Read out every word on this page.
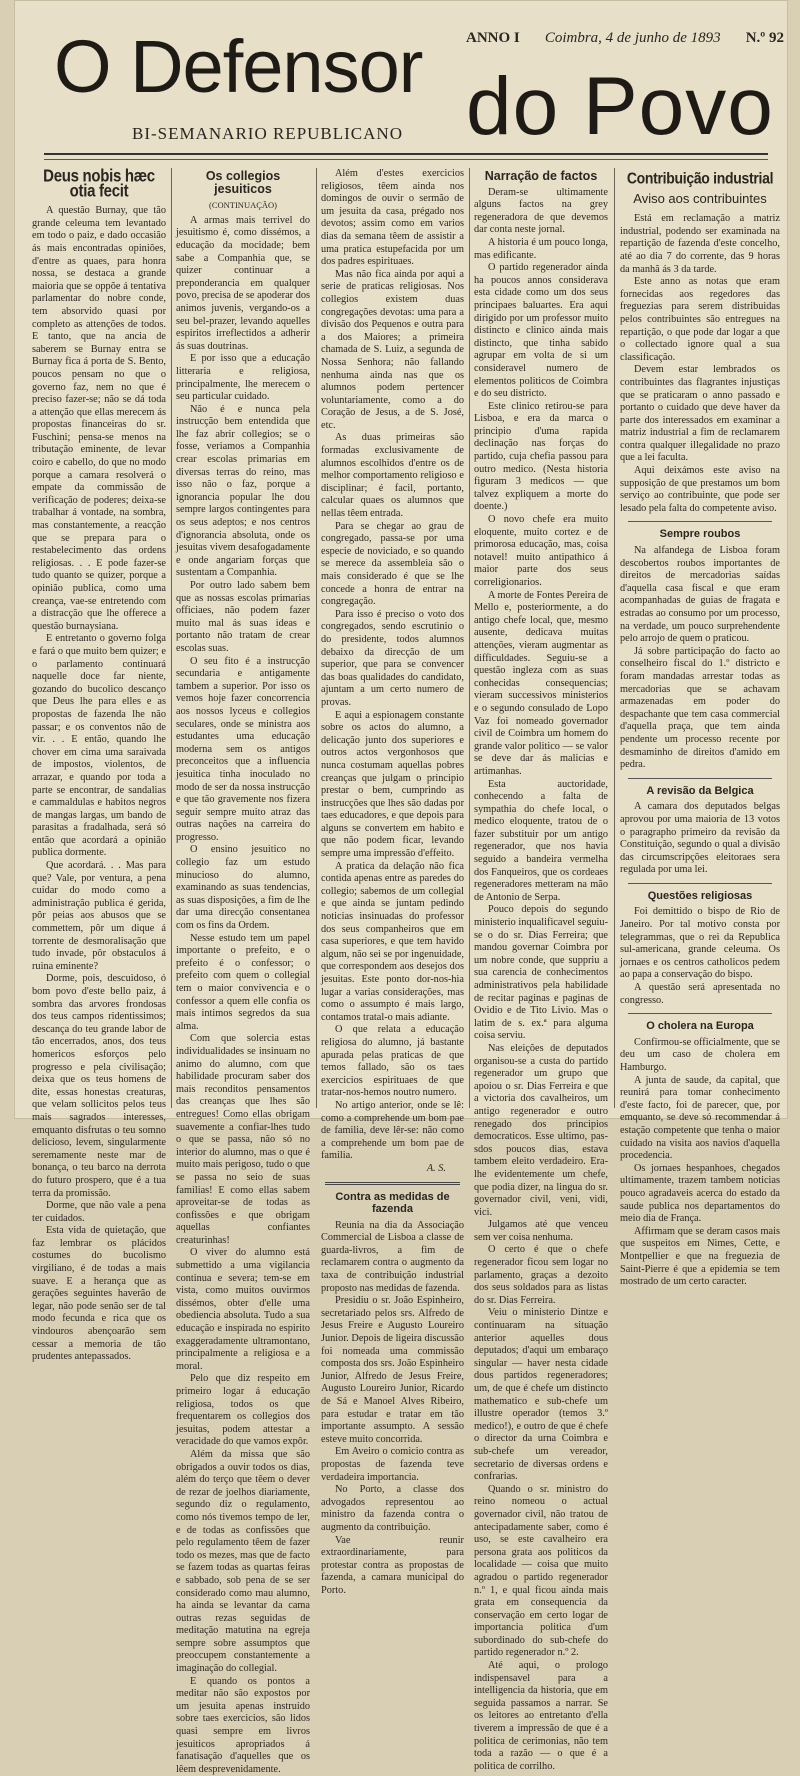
O Defensor do Povo
BI-SEMANARIO REPUBLICANO
ANNO I Coimbra, 4 de junho de 1893 N.º 92
Deus nobis hæc otia fecit

A questão Burnay, que tão grande celeuma tem levantado em todo o paiz, e dado occasião ás mais encontradas opiniões, d'entre as quaes, para honra nossa, se destaca a grande maioria que se oppõe á tentativa parlamentar do nobre conde, tem absorvido quasi por completo as attenções de todos. E tanto, que na ancia de saberem se Burnay entra se Burnay fica á porta de S. Bento, poucos pensam no que o governo faz, nem no que é preciso fazer-se; não se dá toda a attenção que ellas merecem ás propostas financeiras do sr. Fuschini; pensa-se menos na tributação eminente, de levar coiro e cabello, do que no modo porque a camara resolverá o empate da commissão de verificação de poderes; deixa-se trabalhar á vontade, na sombra, mas constantemente, a reacção que se prepara para o restabelecimento das ordens religiosas. . . E pode fazer-se tudo quanto se quizer, porque a opinião publica, como uma creança, vae-se entretendo com a distracção que lhe offerece a questão burnaysiana.

E entretanto o governo folga e fará o que muito bem quizer; e o parlamento continuará naquelle doce far niente, gozando do bucolico descanço que Deus lhe para elles e as propostas de fazenda lhe não passar; e os conventos não de vir. . . E então, quando lhe chover em cima uma saraivada de impostos, violentos, de arrazar, e quando por toda a parte se encontrar, de sandalias e cammaldulas e habitos negros de mangas largas, um bando de parasitas a fradalhada, será só então que acordará a opinião publica dormente.

Que acordará. . . Mas para que? Vale, por ventura, a pena cuidar do modo como a administração publica é gerida, pôr peias aos abusos que se commettem, pôr um dique á torrente de desmoralisação que tudo invade, pôr obstaculos á ruina eminente?

Dorme, pois, descuidoso, ó bom povo d'este bello paiz, á sombra das arvores frondosas dos teus campos ridentissimos; descança do teu grande labor de tão encerrados, anos, dos teus homericos esforços pelo progresso e pela civilisação; deixa que os teus homens de dite, essas honestas creaturas, que velam sollicitos pelos teus mais sagrados interesses, emquanto disfrutas o teu somno delicioso, levem, singularmente seremamente neste mar de bonança, o teu barco na derrota do futuro prospero, que é a tua terra da promissão.

Dorme, que não vale a pena ter cuidados.

Esta vida de quietação, que faz lembrar os plácidos costumes do bucolismo virgiliano, é de todas a mais suave. E a herança que as gerações seguintes haverão de legar, não pode senão ser de tal modo fecunda e rica que os vindouros abençoarão sem cessar a memoria de tão prudentes antepassados.

Os collegios jesuiticos
(CONTINUAÇÃO)

A armas mais terrivel do jesuitismo é, como dissémos, a educação da mocidade; bem sabe a Companhia que, se quizer continuar a preponderancia em qualquer povo, precisa de se apoderar dos animos juvenis, vergando-os a seu bel-prazer, levando aquelles espiritos irreflectidos a adherir ás suas doutrinas.

E por isso que a educação litteraria e religiosa, principalmente, lhe merecem o seu particular cuidado.

Não é e nunca pela instrucção bem entendida que lhe faz abrir collegios; se o fosse, veriamos a Companhia crear escolas primarias em diversas terras do reino, mas isso não o faz, porque a ignorancia popular lhe dou sempre largos contingentes para os seus adeptos; e nos centros d'ignorancia absoluta, onde os jesuitas vivem desafogadamente e onde angariam forças que sustentam a Companhia.

Por outro lado sabem bem que as nossas escolas primarias officiaes, não podem fazer muito mal ás suas ideas e portanto não tratam de crear escolas suas.

O seu fito é a instrucção secundaria e antigamente tambem a superior. Por isso os vemos hoje fazer concorrencia aos nossos lyceus e collegios seculares, onde se ministra aos estudantes uma educação moderna sem os antigos preconceitos que a influencia jesuitica tinha inoculado no modo de ser da nossa instrucção e que tão gravemente nos fizera seguir sempre muito atraz das outras nações na carreira do progresso.

O ensino jesuitico no collegio faz um estudo minucioso do alumno, examinando as suas tendencias, as suas disposições, a fim de lhe dar uma direcção consentanea com os fins da Ordem.

Nesse estudo tem um papel importante o prefeito, e o prefeito é o confessor; o prefeito com quem o collegial tem o maior convivencia e o confessor a quem elle confia os mais intimos segredos da sua alma.

Com que solercia estas individualidades se insinuam no animo do alumno, com que habilidade procuram saber dos mais reconditos pensamentos das creanças que lhes são entregues! Como ellas obrigam suavemente a confiar-lhes tudo o que se passa, não só no interior do alumno, mas o que é muito mais perigoso, tudo o que se passa no seio de suas familias! E como ellas sabem aproveitar-se de todas as confissões e que obrigam aquellas confiantes creaturinhas!

O viver do alumno está submettido a uma vigilancia continua e severa; tem-se em vista, como muitos ouvirmos dissémos, obter d'elle uma obediencia absoluta. Tudo a sua educação e inspirada no espirito exaggeradamente ultramontano, principalmente a religiosa e a moral.

Pelo que diz respeito em primeiro logar á educação religiosa, todos os que frequentarem os collegios dos jesuitas, podem attestar a veracidade do que vamos expôr.

Além da missa que são obrigados a ouvir todos os dias, além do terço que têem o dever de rezar de joelhos diariamente, segundo diz o regulamento, como nós tivemos tempo de ler, e de todas as confissões que pelo regulamento têem de fazer todo os mezes, mas que de facto se fazem todas as quartas feiras e sabbado, sob pena de se ser considerado como mau alumno, ha ainda se levantar da cama outras rezas seguidas de meditação matutina na egreja sempre sobre assumptos que preoccupem constantemente a imaginação do collegial.

E quando os pontos a meditar não são expostos por um jesuita apenas instruido sobre taes exercicios, são lidos quasi sempre em livros jesuiticos apropriados á fanatisação d'aquelles que os lêem desprevenidamente.

Além d'estes exercicios religiosos, têem ainda nos domingos de ouvir o sermão de um jesuita da casa, prégado nos devotos; assim como em varios dias da semana têem de assistir a uma pratica estupefacida por um dos padres espirituaes.

Mas não fica ainda por aqui a serie de praticas religiosas. Nos collegios existem duas congregações devotas: uma para a divisão dos Pequenos e outra para a dos Maiores; a primeira chamada de S. Luiz, a segunda de Nossa Senhora; não fallando nenhuma ainda nas que os alumnos podem pertencer voluntariamente, como a do Coração de Jesus, a de S. José, etc.

As duas primeiras são formadas exclusivamente de alumnos escolhidos d'entre os de melhor comportamento religioso e disciplinar; é facil, portanto, calcular quaes os alumnos que nellas têem entrada.

Para se chegar ao grau de congregado, passa-se por uma especie de noviciado, e so quando se merece da assembleia são o mais considerado é que se lhe concede a honra de entrar na congregação.

Para isso é preciso o voto dos congregados, sendo escrutinio o do presidente, todos alumnos debaixo da direcção de um superior, que para se convencer das boas qualidades do candidato, ajuntam a um certo numero de provas.

E aqui a espionagem constante sobre os actos do alumno, a delicação junto dos superiores e outros actos vergonhosos que nunca costumam aquellas pobres creanças que julgam o principio prestar o bem, cumprindo as instrucções que lhes são dadas por taes educadores, e que depois para alguns se convertem em habito e que não podem ficar, levando sempre uma impressão d'effeito.

A pratica da delação não fica contida apenas entre as paredes do collegio; sabemos de um collegial e que ainda se juntam pedindo noticias insinuadas do professor dos seus companheiros que em casa superiores, e que tem havido algum, não sei se por ingenuidade, que correspondem aos desejos dos jesuitas. Este ponto dor-nos-hia lugar a varias considerações, mas como o assumpto é mais largo, contamos tratal-o mais adiante.

O que relata a educação religiosa do alumno, já bastante apurada pelas praticas de que temos fallado, são os taes exercicios espirituaes de que tratar-nos-hemos noutro numero.

No artigo anterior, onde se lê: como a comprehende um bom pae de familia, deve lêr-se: não como a comprehende um bom pae de familia.

A. S.
Contra as medidas de fazenda

Reunia na dia da Associação Commercial de Lisboa a classe de guarda-livros, a fim de reclamarem contra o augmento da taxa de contribuição industrial proposto nas medidas de fazenda.

Presidiu o sr. João Espinheiro, secretariado pelos srs. Alfredo de Jesus Freire e Augusto Loureiro Junior. Depois de ligeira discussão foi nomeada uma commissão composta dos srs. João Espinheiro Junior, Alfredo de Jesus Freire, Augusto Loureiro Junior, Ricardo de Sá e Manoel Alves Ribeiro, para estudar e tratar em tão importante assumpto. A sessão esteve muito concorrida.

Em Aveiro o comicio contra as propostas de fazenda teve verdadeira importancia.

No Porto, a classe dos advogados representou ao ministro da fazenda contra o augmento da contribuição.

Vae reunir extraordinariamente, para protestar contra as propostas de fazenda, a camara municipal do Porto.

Narração de factos

Deram-se ultimamente alguns factos na grey regeneradora de que devemos dar conta neste jornal.

A historia é um pouco longa, mas edificante.

O partido regenerador ainda ha poucos annos considerava esta cidade como um dos seus principaes baluartes. Era aqui dirigido por um professor muito distincto e clinico ainda mais distincto, que tinha sabido agrupar em volta de si um consideravel numero de elementos politicos de Coimbra e do seu districto.

Este clinico retirou-se para Lisboa, e era da marca o principio d'uma rapida declinação nas forças do partido, cuja chefia passou para outro medico. (Nesta historia figuram 3 medicos — que talvez expliquem a morte do doente.)

O novo chefe era muito eloquente, muito cortez e de primorosa educação, mas, coisa notavel! muito antipathico á maior parte dos seus correligionarios.

A morte de Fontes Pereira de Mello e, posteriormente, a do antigo chefe local, que, mesmo ausente, dedicava muitas attenções, vieram augmentar as difficuldades. Seguiu-se a questão ingleza com as suas conhecidas consequencias; vieram successivos ministerios e o segundo consulado de Lopo Vaz foi nomeado governador civil de Coimbra um homem do grande valor politico — se valor se deve dar ás malicias e artimanhas.

Esta auctoridade, conhecendo a falta de sympathia do chefe local, o medico eloquente, tratou de o fazer substituir por um antigo regenerador, que nos havia seguido a bandeira vermelha dos Fanqueiros, que os cordeaes regeneradores metteram na mão de Antonio de Serpa.

Pouco depois do segundo ministerio inqualificavel seguiu-se o do sr. Dias Ferreira; que mandou governar Coimbra por um nobre conde, que suppriu a sua carencia de conhecimentos administrativos pela habilidade de recitar paginas e paginas de Ovidio e de Tito Livio. Mas o latim de s. ex.ª para alguma coisa serviu.

Nas eleições de deputados organisou-se a custa do partido regenerador um grupo que apoiou o sr. Dias Ferreira e que a victoria dos cavalheiros, um antigo regenerador e outro renegado dos principios democraticos. Esse ultimo, pas-sdos poucos dias, estava tambem eleito verdadeiro. Era-lhe evidentemente um chefe, que podia dizer, na lingua do sr. governador civil, veni, vidi, vici.

Julgamos até que venceu sem ver coisa nenhuma.

O certo é que o chefe regenerador ficou sem logar no parlamento, graças a dezoito dos seus soldados para as listas do sr. Dias Ferreira.

Veiu o ministerio Dintze e continuaram na situação anterior aquelles dous deputados; d'aqui um embaraço singular — haver nesta cidade dous partidos regeneradores; um, de que é chefe um distincto mathematico e sub-chefe um illustre operador (temos 3.º medico!), e outro de que é chefe o director da urna Coimbra e sub-chefe um vereador, secretario de diversas ordens e confrarias.

Quando o sr. ministro do reino nomeou o actual governador civil, não tratou de antecipadamente saber, como é uso, se este cavalheiro era persona grata aos politicos da localidade — coisa que muito agradou o partido regenerador n.º 1, e qual ficou ainda mais grata em consequencia da conservação em certo logar de importancia politica d'um subordinado do sub-chefe do partido regenerador n.º 2.

Até aqui, o prologo indispensavel para a intelligencia da historia, que em seguida passamos a narrar. Se os leitores ao entretanto d'ella tiverem a impressão de que é a politica de cerimonias, não tem toda a razão — o que é a politica de corrilho.

Contribuição industrial
Aviso aos contribuintes

Está em reclamação a matriz industrial, podendo ser examinada na repartição de fazenda d'este concelho, até ao dia 7 do corrente, das 9 horas da manhã ás 3 da tarde.

Este anno as notas que eram fornecidas aos regedores das freguezias para serem distribuidas pelos contribuintes são entregues na repartição, o que pode dar logar a que o collectado ignore qual a sua classificação.

Devem estar lembrados os contribuintes das flagrantes injustiças que se praticaram o anno passado e portanto o cuidado que deve haver da parte dos interessados em examinar a matriz industrial a fim de reclamarem contra qualquer illegalidade no prazo que a lei faculta.

Aqui deixámos este aviso na supposição de que prestamos um bom serviço ao contribuinte, que pode ser lesado pela falta do competente aviso.

Sempre roubos

Na alfandega de Lisboa foram descobertos roubos importantes de direitos de mercadorias saídas d'aquella casa fiscal e que eram acompanhadas de guias de fragata e estradas ao consumo por um processo, na verdade, um pouco surprehendente pelo arrojo de quem o praticou.

Já sobre participação do facto ao conselheiro fiscal do 1.º districto e foram mandadas arrestar todas as mercadorias que se achavam armazenadas em poder do despachante que tem casa commercial d'aquella praça, que tem ainda pendente um processo recente por desmaminho de direitos d'amido em pedra.

A revisão da Belgica

A camara dos deputados belgas aprovou por uma maioria de 13 votos o paragrapho primeiro da revisão da Constituição, segundo o qual a divisão das circumscripções eleitoraes sera regulada por uma lei.

Questões religiosas

Foi demittido o bispo de Rio de Janeiro. Por tal motivo consta por telegrammas, que o rei da Republica sul-americana, grande celeuma. Os jornaes e os centros catholicos pedem ao papa a conservação do bispo.

A questão será apresentada no congresso.

O cholera na Europa

Confirmou-se officialmente, que se deu um caso de cholera em Hamburgo.

A junta de saude, da capital, que reunirá para tomar conhecimento d'este facto, foi de parecer, que, por emquanto, se deve só recommendar á estação competente que tenha o maior cuidado na visita aos navios d'aquella procedencia.

Os jornaes hespanhoes, chegados ultimamente, trazem tambem noticias pouco agradaveis acerca do estado da saude publica nos departamentos do meio dia de França.

Affirmam que se deram casos mais que suspeitos em Nimes, Cette, e Montpellier e que na freguezia de Saint-Pierre é que a epidemia se tem mostrado de um certo caracter.
